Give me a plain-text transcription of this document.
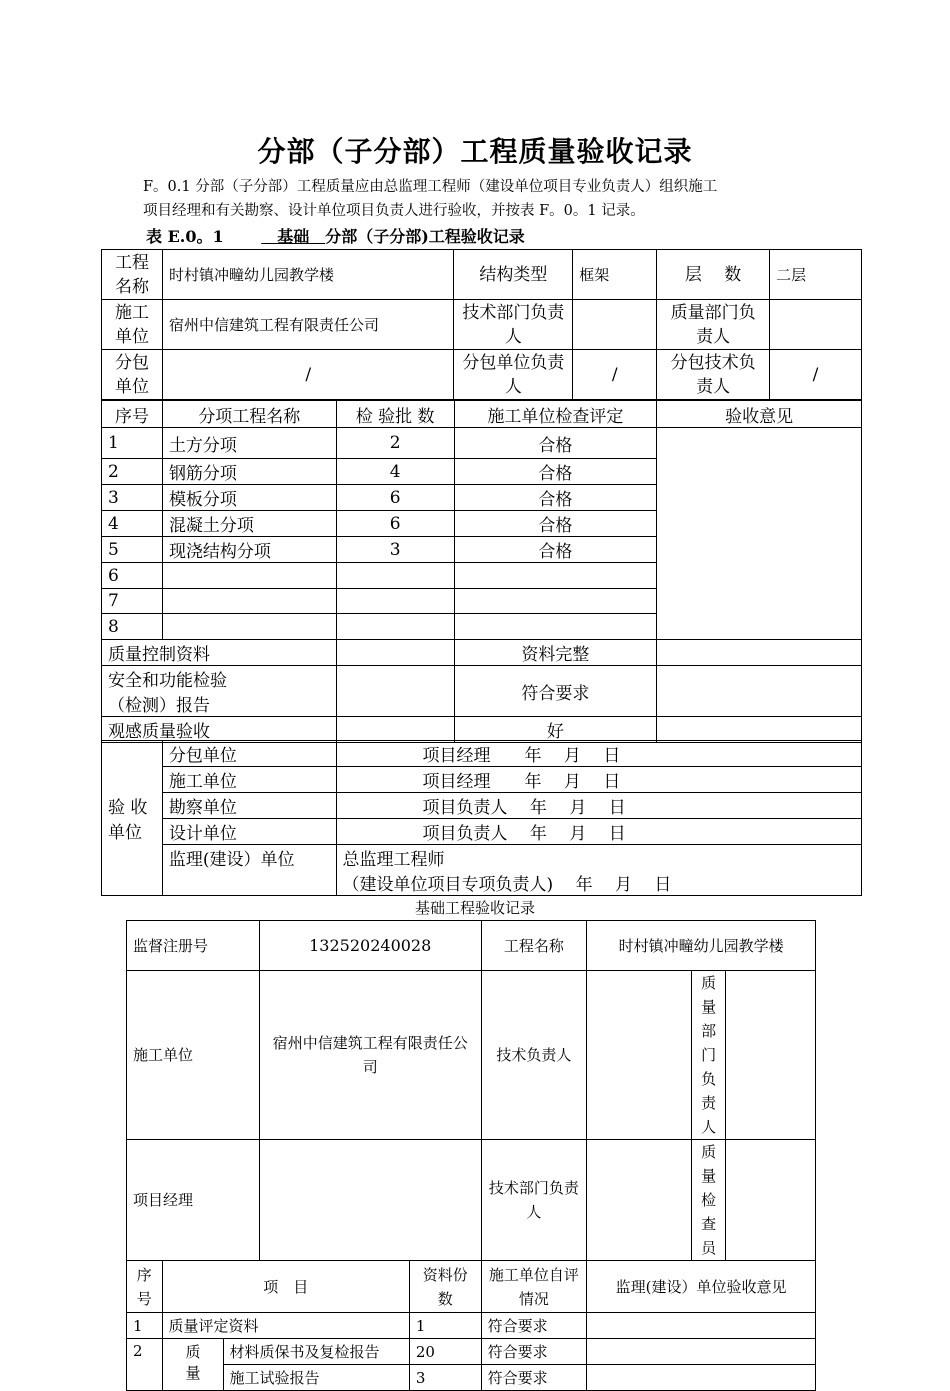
分部（子分部）工程质量验收记录
F。0.1 分部（子分部）工程质量应由总监理工程师（建设单位项目专业负责人）组织施工
项目经理和有关勘察、设计单位项目负责人进行验收，并按表 F。0。1 记录。
表 E.0。1　　 　	基础　 分部（子分部)工程验收记录
工程名称	时村镇冲疃幼儿园教学楼	结构类型	框架	层　 数	二层
施工单位	宿州中信建筑工程有限责任公司	技术部门负责人		质量部门负责人	
分包单位	/	分包单位负责人	/	分包技术负责人	/
序号	分项工程名称	检 验批 数	施工单位检查评定	验收意见
1	土方分项	2	合格	
2	钢筋分项	4	合格	
3	模板分项	6	合格	
4	混凝土分项	6	合格	
5	现浇结构分项	3	合格	
6				
7				
8				
质量控制资料			资料完整	
安全和功能检验
（检测）报告			符合要求	
观感质量验收			好	
验 收
单位	分包单位	项目经理　　年　 月　 日
	施工单位	项目经理　　年　 月　 日
	勘察单位	项目负责人　 年　 月　 日
	设计单位	项目负责人　 年　 月　 日
	监理(建设）单位	总监理工程师
（建设单位项目专项负责人)　 年　 月　 日
基础工程验收记录
监督注册号			132520240028		工程名称	时村镇冲疃幼儿园教学楼		
施工单位			宿州中信建筑工程有限责任公司		技术负责人		质量部门负责人	
项目经理					技术部门负责人		质量检查员	
序号	项　目			资料份数	施工单位自评情况	监理(建设）单位验收意见		
1	质量评定资料			1	符合要求			
2	质量	材料质保书及复检报告		20	符合要求			
		施工试验报告		3	符合要求			
